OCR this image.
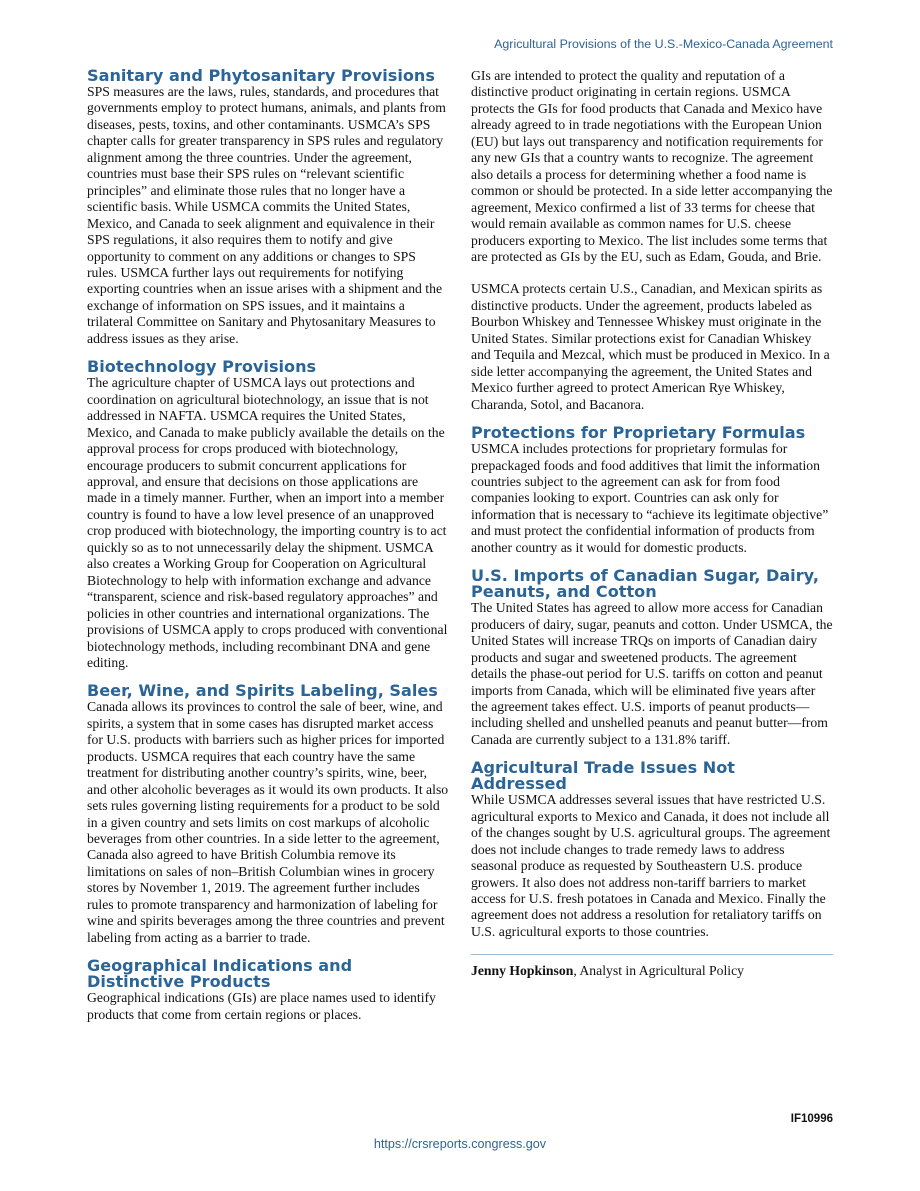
Agricultural Provisions of the U.S.-Mexico-Canada Agreement
Sanitary and Phytosanitary Provisions

SPS measures are the laws, rules, standards, and procedures that governments employ to protect humans, animals, and plants from diseases, pests, toxins, and other contaminants. USMCA’s SPS chapter calls for greater transparency in SPS rules and regulatory alignment among the three countries. Under the agreement, countries must base their SPS rules on “relevant scientific principles” and eliminate those rules that no longer have a scientific basis. While USMCA commits the United States, Mexico, and Canada to seek alignment and equivalence in their SPS regulations, it also requires them to notify and give opportunity to comment on any additions or changes to SPS rules. USMCA further lays out requirements for notifying exporting countries when an issue arises with a shipment and the exchange of information on SPS issues, and it maintains a trilateral Committee on Sanitary and Phytosanitary Measures to address issues as they arise.

Biotechnology Provisions

The agriculture chapter of USMCA lays out protections and coordination on agricultural biotechnology, an issue that is not addressed in NAFTA. USMCA requires the United States, Mexico, and Canada to make publicly available the details on the approval process for crops produced with biotechnology, encourage producers to submit concurrent applications for approval, and ensure that decisions on those applications are made in a timely manner. Further, when an import into a member country is found to have a low level presence of an unapproved crop produced with biotechnology, the importing country is to act quickly so as to not unnecessarily delay the shipment. USMCA also creates a Working Group for Cooperation on Agricultural Biotechnology to help with information exchange and advance “transparent, science and risk-based regulatory approaches” and policies in other countries and international organizations. The provisions of USMCA apply to crops produced with conventional biotechnology methods, including recombinant DNA and gene editing.

Beer, Wine, and Spirits Labeling, Sales

Canada allows its provinces to control the sale of beer, wine, and spirits, a system that in some cases has disrupted market access for U.S. products with barriers such as higher prices for imported products. USMCA requires that each country have the same treatment for distributing another country’s spirits, wine, beer, and other alcoholic beverages as it would its own products. It also sets rules governing listing requirements for a product to be sold in a given country and sets limits on cost markups of alcoholic beverages from other countries. In a side letter to the agreement, Canada also agreed to have British Columbia remove its limitations on sales of non–British Columbian wines in grocery stores by November 1, 2019. The agreement further includes rules to promote transparency and harmonization of labeling for wine and spirits beverages among the three countries and prevent labeling from acting as a barrier to trade.

Geographical Indications and Distinctive Products

Geographical indications (GIs) are place names used to identify products that come from certain regions or places.

GIs are intended to protect the quality and reputation of a distinctive product originating in certain regions. USMCA protects the GIs for food products that Canada and Mexico have already agreed to in trade negotiations with the European Union (EU) but lays out transparency and notification requirements for any new GIs that a country wants to recognize. The agreement also details a process for determining whether a food name is common or should be protected. In a side letter accompanying the agreement, Mexico confirmed a list of 33 terms for cheese that would remain available as common names for U.S. cheese producers exporting to Mexico. The list includes some terms that are protected as GIs by the EU, such as Edam, Gouda, and Brie.

USMCA protects certain U.S., Canadian, and Mexican spirits as distinctive products. Under the agreement, products labeled as Bourbon Whiskey and Tennessee Whiskey must originate in the United States. Similar protections exist for Canadian Whiskey and Tequila and Mezcal, which must be produced in Mexico. In a side letter accompanying the agreement, the United States and Mexico further agreed to protect American Rye Whiskey, Charanda, Sotol, and Bacanora.

Protections for Proprietary Formulas

USMCA includes protections for proprietary formulas for prepackaged foods and food additives that limit the information countries subject to the agreement can ask for from food companies looking to export. Countries can ask only for information that is necessary to “achieve its legitimate objective” and must protect the confidential information of products from another country as it would for domestic products.

U.S. Imports of Canadian Sugar, Dairy, Peanuts, and Cotton

The United States has agreed to allow more access for Canadian producers of dairy, sugar, peanuts and cotton. Under USMCA, the United States will increase TRQs on imports of Canadian dairy products and sugar and sweetened products. The agreement details the phase-out period for U.S. tariffs on cotton and peanut imports from Canada, which will be eliminated five years after the agreement takes effect. U.S. imports of peanut products—including shelled and unshelled peanuts and peanut butter—from Canada are currently subject to a 131.8% tariff.

Agricultural Trade Issues Not Addressed

While USMCA addresses several issues that have restricted U.S. agricultural exports to Mexico and Canada, it does not include all of the changes sought by U.S. agricultural groups. The agreement does not include changes to trade remedy laws to address seasonal produce as requested by Southeastern U.S. produce growers. It also does not address non-tariff barriers to market access for U.S. fresh potatoes in Canada and Mexico. Finally the agreement does not address a resolution for retaliatory tariffs on U.S. agricultural exports to those countries.

Jenny Hopkinson, Analyst in Agricultural Policy

IF10996
https://crsreports.congress.gov
